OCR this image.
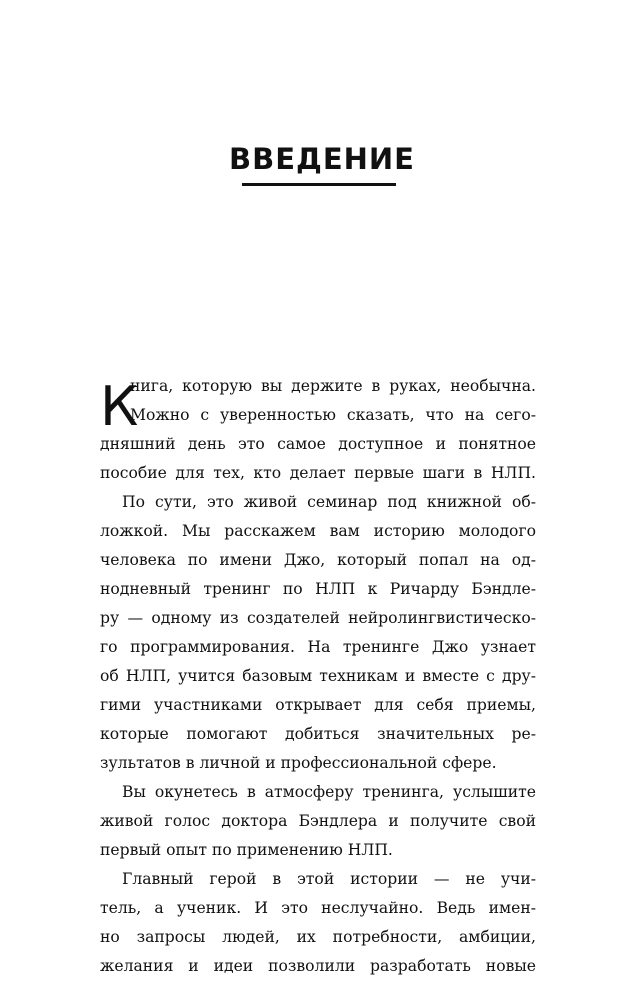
ВВЕДЕНИЕ
К
нига, которую вы держите в руках, необычна.
Можно с уверенностью сказать, что на сего-
дняшний день это самое доступное и понятное
пособие для тех, кто делает первые шаги в НЛП.
По сути, это живой семинар под книжной об-
ложкой. Мы расскажем вам историю молодого
человека по имени Джо, который попал на од-
нодневный тренинг по НЛП к Ричарду Бэндле-
ру — одному из создателей нейролингвистическо-
го программирования. На тренинге Джо узнает
об НЛП, учится базовым техникам и вместе с дру-
гими участниками открывает для себя приемы,
которые помогают добиться значительных ре-
зультатов в личной и профессиональной сфере.
Вы окунетесь в атмосферу тренинга, услышите
живой голос доктора Бэндлера и получите свой
первый опыт по применению НЛП.
Главный герой в этой истории — не учи-
тель, а ученик. И это неслучайно. Ведь имен-
но запросы людей, их потребности, амбиции,
желания и идеи позволили разработать новые
